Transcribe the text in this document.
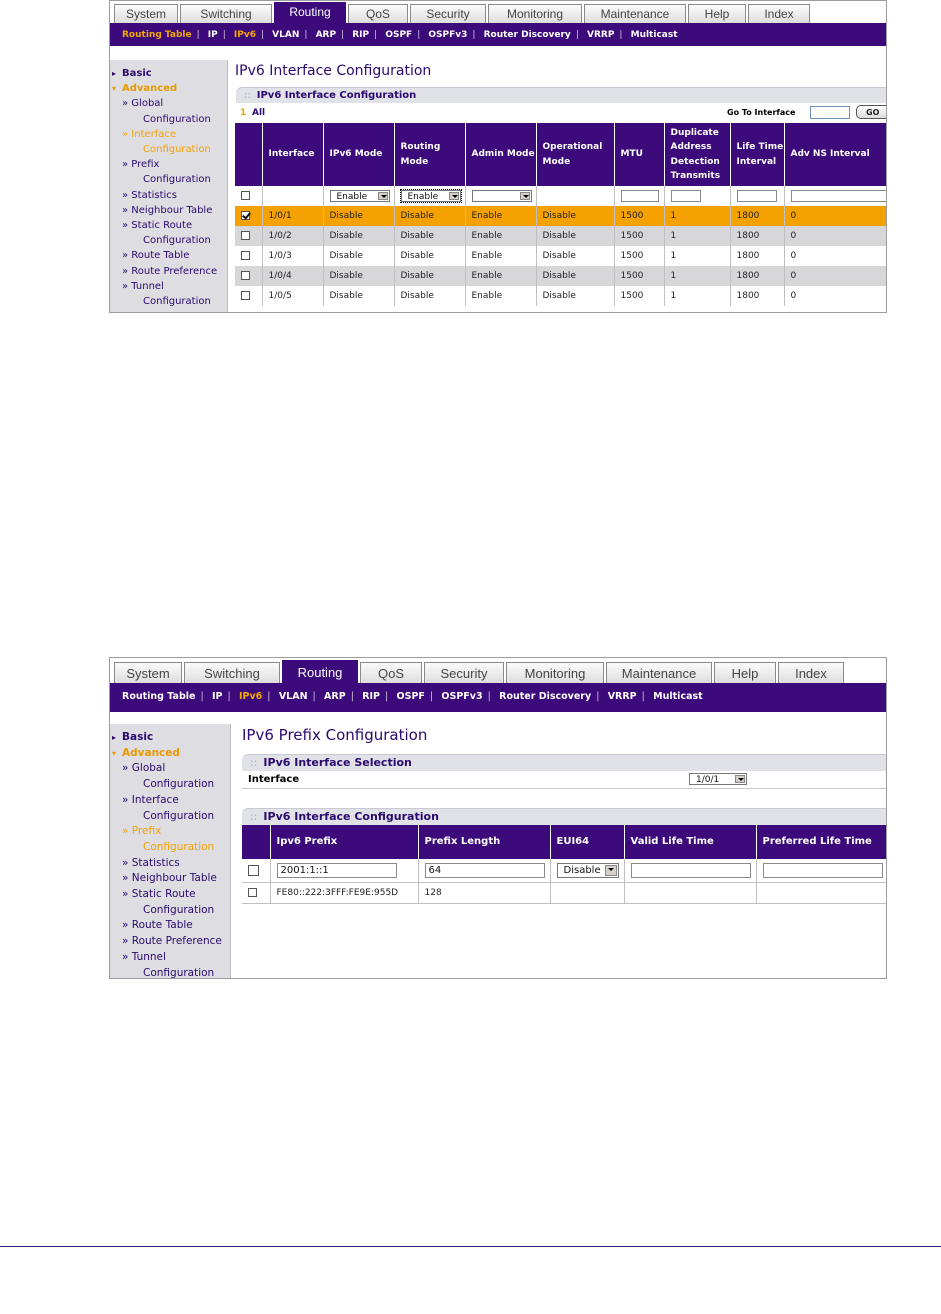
System	Switching	Routing	QoS	Security	Monitoring	Maintenance	Help	Index
Routing Table | IP | IPv6 | VLAN | ARP | RIP | OSPF | OSPFv3 | Router Discovery | VRRP | Multicast
▸ Basic
▾ Advanced
» Global
Configuration
» Interface
Configuration
» Prefix
Configuration
» Statistics
» Neighbour Table
» Static Route
Configuration
» Route Table
» Route Preference
» Tunnel
Configuration
IPv6 Interface Configuration
:: IPv6 Interface Configuration
1 All	Go To Interface	GO
	Interface	IPv6 Mode	Routing Mode	Admin Mode	Operational Mode	MTU	Duplicate Address Detection Transmits	Life Time Interval	Adv NS Interval
		Enable	Enable

	1/0/1	Disable	Disable	Enable	Disable	1500	1	1800	0
	1/0/2	Disable	Disable	Enable	Disable	1500	1	1800	0
	1/0/3	Disable	Disable	Enable	Disable	1500	1	1800	0
	1/0/4	Disable	Disable	Enable	Disable	1500	1	1800	0
	1/0/5	Disable	Disable	Enable	Disable	1500	1	1800	0
System	Switching	Routing	QoS	Security	Monitoring	Maintenance	Help	Index
Routing Table | IP | IPv6 | VLAN | ARP | RIP | OSPF | OSPFv3 | Router Discovery | VRRP | Multicast
▸ Basic
▾ Advanced
» Global
Configuration
» Interface
Configuration
» Prefix
Configuration
» Statistics
» Neighbour Table
» Static Route
Configuration
» Route Table
» Route Preference
» Tunnel
Configuration
IPv6 Prefix Configuration
:: IPv6 Interface Selection
Interface	1/0/1
:: IPv6 Interface Configuration
	Ipv6 Prefix	Prefix Length	EUI64	Valid Life Time	Preferred Life Time
	2001:1::1	64	Disable

	FE80::222:3FFF:FE9E:955D	128			
